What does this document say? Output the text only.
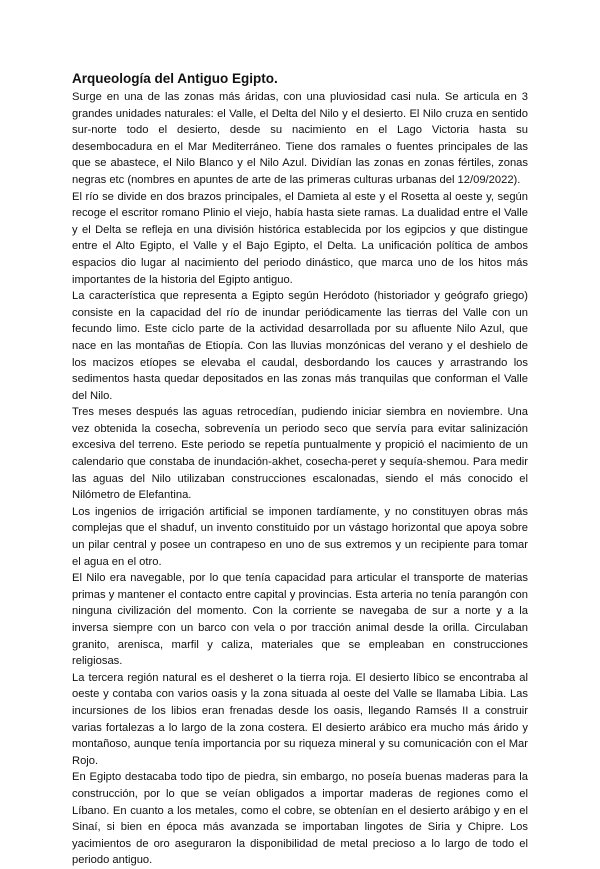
Arqueología del Antiguo Egipto.

Surge en una de las zonas más áridas, con una pluviosidad casi nula. Se articula en 3 grandes unidades naturales: el Valle, el Delta del Nilo y el desierto. El Nilo cruza en sentido sur-norte todo el desierto, desde su nacimiento en el Lago Victoria hasta su desembocadura en el Mar Mediterráneo. Tiene dos ramales o fuentes principales de las que se abastece, el Nilo Blanco y el Nilo Azul. Dividían las zonas en zonas fértiles, zonas negras etc (nombres en apuntes de arte de las primeras culturas urbanas del 12/09/2022).

El río se divide en dos brazos principales, el Damieta al este y el Rosetta al oeste y, según recoge el escritor romano Plinio el viejo, había hasta siete ramas. La dualidad entre el Valle y el Delta se refleja en una división histórica establecida por los egipcios y que distingue entre el Alto Egipto, el Valle y el Bajo Egipto, el Delta. La unificación política de ambos espacios dio lugar al nacimiento del periodo dinástico, que marca uno de los hitos más importantes de la historia del Egipto antiguo.

La característica que representa a Egipto según Heródoto (historiador y geógrafo griego) consiste en la capacidad del río de inundar periódicamente las tierras del Valle con un fecundo limo. Este ciclo parte de la actividad desarrollada por su afluente Nilo Azul, que nace en las montañas de Etiopía. Con las lluvias monzónicas del verano y el deshielo de los macizos etíopes se elevaba el caudal, desbordando los cauces y arrastrando los sedimentos hasta quedar depositados en las zonas más tranquilas que conforman el Valle del Nilo.

Tres meses después las aguas retrocedían, pudiendo iniciar siembra en noviembre. Una vez obtenida la cosecha, sobrevenía un periodo seco que servía para evitar salinización excesiva del terreno. Este periodo se repetía puntualmente y propició el nacimiento de un calendario que constaba de inundación-akhet, cosecha-peret y sequía-shemou. Para medir las aguas del Nilo utilizaban construcciones escalonadas, siendo el más conocido el Nilómetro de Elefantina.

Los ingenios de irrigación artificial se imponen tardíamente, y no constituyen obras más complejas que el shaduf, un invento constituido por un vástago horizontal que apoya sobre un pilar central y posee un contrapeso en uno de sus extremos y un recipiente para tomar el agua en el otro.

El Nilo era navegable, por lo que tenía capacidad para articular el transporte de materias primas y mantener el contacto entre capital y provincias. Esta arteria no tenía parangón con ninguna civilización del momento. Con la corriente se navegaba de sur a norte y a la inversa siempre con un barco con vela o por tracción animal desde la orilla. Circulaban granito, arenisca, marfil y caliza, materiales que se empleaban en construcciones religiosas.

La tercera región natural es el desheret o la tierra roja. El desierto líbico se encontraba al oeste y contaba con varios oasis y la zona situada al oeste del Valle se llamaba Libia. Las incursiones de los libios eran frenadas desde los oasis, llegando Ramsés II a construir varias fortalezas a lo largo de la zona costera. El desierto arábico era mucho más árido y montañoso, aunque tenía importancia por su riqueza mineral y su comunicación con el Mar Rojo.

En Egipto destacaba todo tipo de piedra, sin embargo, no poseía buenas maderas para la construcción, por lo que se veían obligados a importar maderas de regiones como el Líbano. En cuanto a los metales, como el cobre, se obtenían en el desierto arábigo y en el Sinaí, si bien en época más avanzada se importaban lingotes de Siria y Chipre. Los yacimientos de oro aseguraron la disponibilidad de metal precioso a lo largo de todo el periodo antiguo.
